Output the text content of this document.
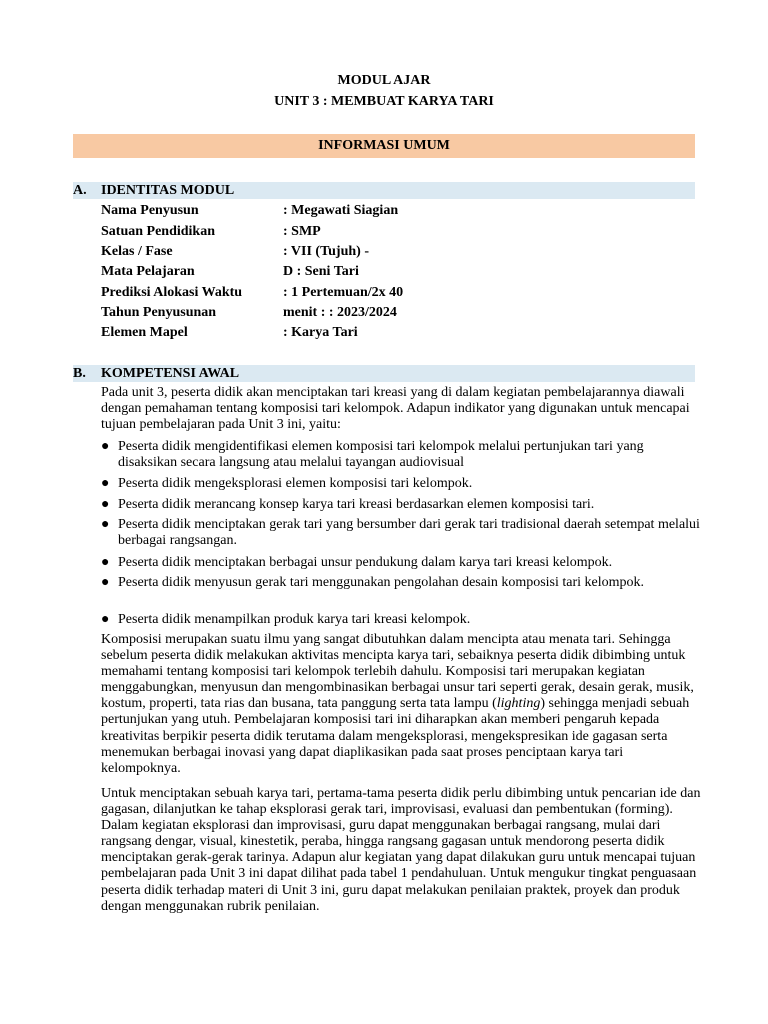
MODUL AJAR
UNIT 3 : MEMBUAT KARYA TARI
INFORMASI UMUM
A. IDENTITAS MODUL
Nama Penyusun	: Megawati Siagian
Satuan Pendidikan	: SMP
Kelas / Fase	: VII (Tujuh) -
Mata Pelajaran	D : Seni Tari
Prediksi Alokasi Waktu	: 1 Pertemuan/2x 40
Tahun Penyusunan	menit : : 2023/2024
Elemen Mapel	: Karya Tari
B. KOMPETENSI AWAL
Pada unit 3, peserta didik akan menciptakan tari kreasi yang di dalam kegiatan pembelajarannya diawali dengan pemahaman tentang komposisi tari kelompok. Adapun indikator yang digunakan untuk mencapai tujuan pembelajaran pada Unit 3 ini, yaitu:
● Peserta didik mengidentifikasi elemen komposisi tari kelompok melalui pertunjukan tari yang disaksikan secara langsung atau melalui tayangan audiovisual
● Peserta didik mengeksplorasi elemen komposisi tari kelompok.
● Peserta didik merancang konsep karya tari kreasi berdasarkan elemen komposisi tari.
● Peserta didik menciptakan gerak tari yang bersumber dari gerak tari tradisional daerah setempat melalui berbagai rangsangan.
● Peserta didik menciptakan berbagai unsur pendukung dalam karya tari kreasi kelompok.
● Peserta didik menyusun gerak tari menggunakan pengolahan desain komposisi tari kelompok.
● Peserta didik menampilkan produk karya tari kreasi kelompok.
Komposisi merupakan suatu ilmu yang sangat dibutuhkan dalam mencipta atau menata tari. Sehingga sebelum peserta didik melakukan aktivitas mencipta karya tari, sebaiknya peserta didik dibimbing untuk memahami tentang komposisi tari kelompok terlebih dahulu. Komposisi tari merupakan kegiatan menggabungkan, menyusun dan mengombinasikan berbagai unsur tari seperti gerak, desain gerak, musik, kostum, properti, tata rias dan busana, tata panggung serta tata lampu (lighting) sehingga menjadi sebuah pertunjukan yang utuh. Pembelajaran komposisi tari ini diharapkan akan memberi pengaruh kepada kreativitas berpikir peserta didik terutama dalam mengeksplorasi, mengekspresikan ide gagasan serta menemukan berbagai inovasi yang dapat diaplikasikan pada saat proses penciptaan karya tari kelompoknya.
Untuk menciptakan sebuah karya tari, pertama-tama peserta didik perlu dibimbing untuk pencarian ide dan gagasan, dilanjutkan ke tahap eksplorasi gerak tari, improvisasi, evaluasi dan pembentukan (forming). Dalam kegiatan eksplorasi dan improvisasi, guru dapat menggunakan berbagai rangsang, mulai dari rangsang dengar, visual, kinestetik, peraba, hingga rangsang gagasan untuk mendorong peserta didik menciptakan gerak-gerak tarinya. Adapun alur kegiatan yang dapat dilakukan guru untuk mencapai tujuan pembelajaran pada Unit 3 ini dapat dilihat pada tabel 1 pendahuluan. Untuk mengukur tingkat penguasaan peserta didik terhadap materi di Unit 3 ini, guru dapat melakukan penilaian praktek, proyek dan produk dengan menggunakan rubrik penilaian.
